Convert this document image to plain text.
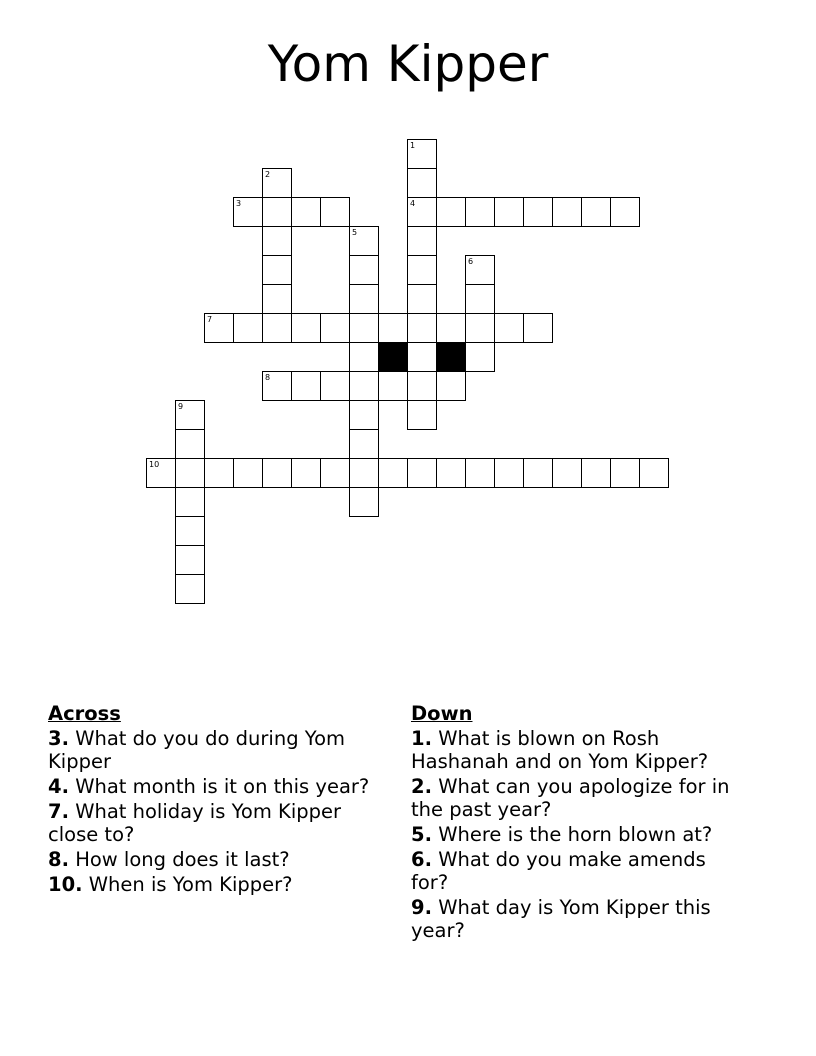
Yom Kipper
1
2
3	4
5
6
7
8
9
10
Across
3. What do you do during Yom Kipper
4. What month is it on this year?
7. What holiday is Yom Kipper close to?
8. How long does it last?
10. When is Yom Kipper?
Down
1. What is blown on Rosh Hashanah and on Yom Kipper?
2. What can you apologize for in the past year?
5. Where is the horn blown at?
6. What do you make amends for?
9. What day is Yom Kipper this year?
